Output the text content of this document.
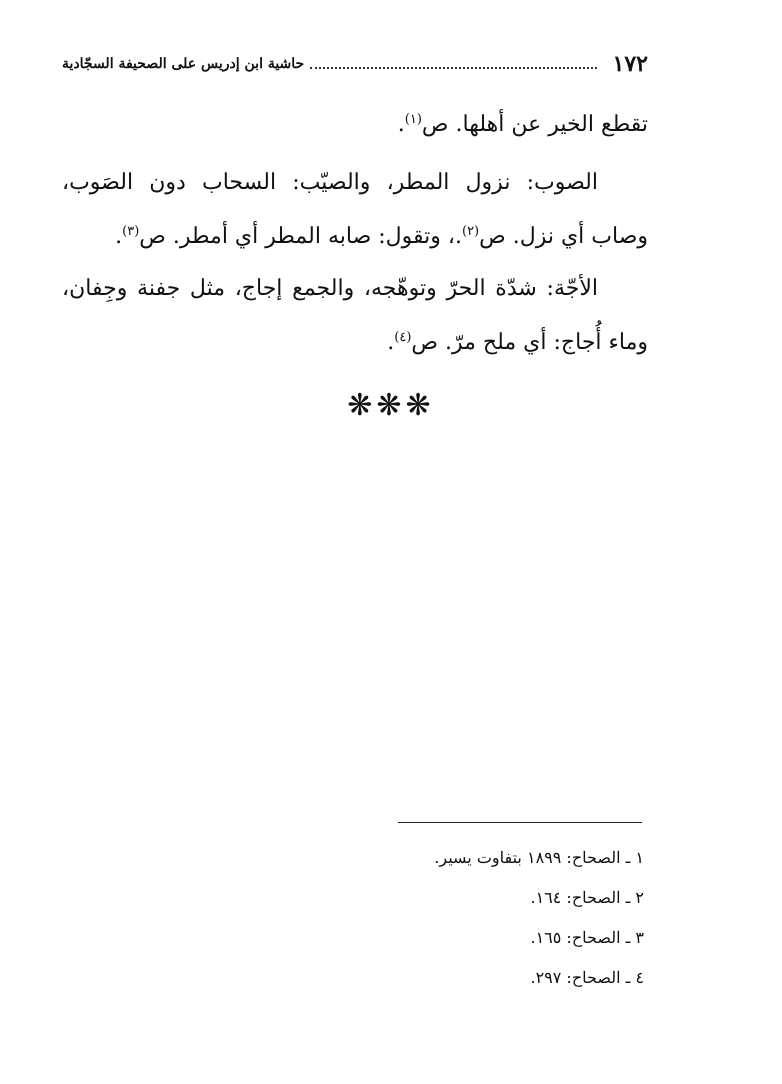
١٧٢
حاشية ابن إدريس على الصحيفة السجّادية

تقطع الخير عن أهلها. ص$^{(١)}$.

الصوب: نزول المطر، والصيّب: السحاب دون الصَوب، وصاب أي نزل. ص$^{(٢)}$.، وتقول: صابه المطر أي أمطر. ص$^{(٣)}$.

الأجّة: شدّة الحرّ وتوهّجه، والجمع إجاج، مثل جفنة وجِفان، وماء أُجاج: أي ملح مرّ. ص$^{(٤)}$.

❋❋❋
١ ـ الصحاح: ١٨٩٩ بتفاوت يسير.
٢ ـ الصحاح: ١٦٤.
٣ ـ الصحاح: ١٦٥.
٤ ـ الصحاح: ٢٩٧.
